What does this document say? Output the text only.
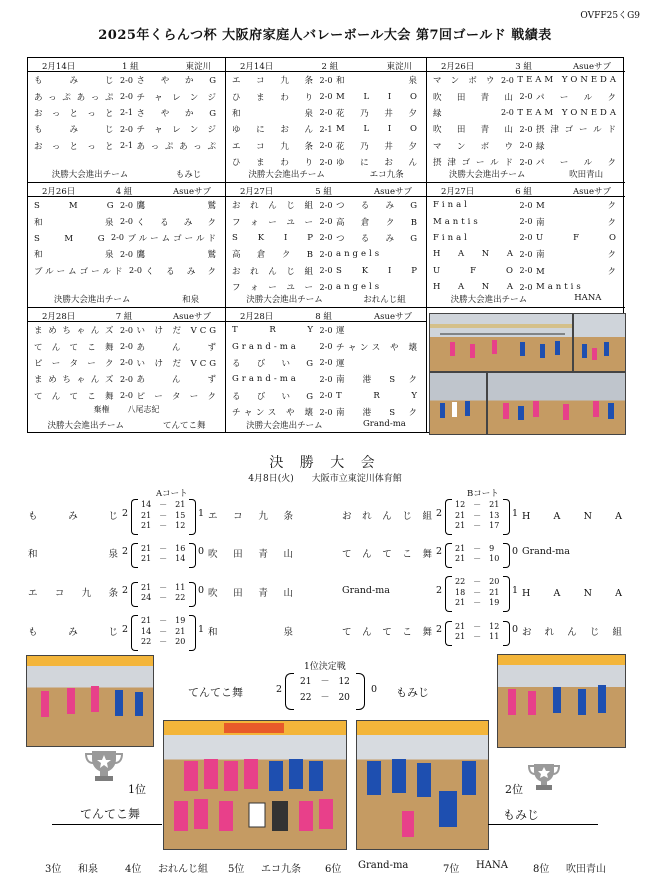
OVFF25くG9
2025年くらんつ杯 大阪府家庭人バレーボール大会 第7回ゴールド 戦績表
2月14日	1 組	東淀川
も　み　じ 2-0 さ や か G
あっぷあっぷ 2-0 チャレンジ
お っ と っ と 2-1 さ や か G
も　み　じ 2-0 チャレンジ
お っ と っ と 2-1 あっぷあっぷ
決勝大会進出チーム	もみじ
2月14日	2 組	東淀川
エ コ 九 条 2-0 和　　泉
ひ ま わ り 2-0 M L I O
和　　泉 2-0 花 乃 井 夕
ゆ に お ん 2-1 M L I O
エ コ 九 条 2-0 花 乃 井 夕
ひ ま わ り 2-0 ゆ に お ん
決勝大会進出チーム	エコ九条
2月26日	3 組	Asueサブ
マ ン ボ ウ 2-0 TEAM YONEDA
吹 田 青 山 2-0 パ ー ル ク
緑	2-0 TEAM YONEDA
吹 田 青 山 2-0 摂津ゴールド
マ ン ボ ウ 2-0 緑
摂津ゴールド 2-0 パ ー ル ク
決勝大会進出チーム	吹田青山
2月26日	4 組	Asueサブ
S　M　G 2-0 鷹　　鷲
和　　泉 2-0 く る み ク
S　M　G 2-0 ブルームゴールド
和　　泉 2-0 鷹　　鷲
ブルームゴールド 2-0 く る み ク
決勝大会進出チーム	和泉
2月27日	5 組	Asueサブ
おれんじ組 2-0 つ る み G
フ ォ ー ユ ー 2-0 高 倉 ク B
S K I P 2-0 つ る み G
高 倉 ク B 2-0 angels
おれんじ組 2-0 S K I P
フ ォ ー ユ ー 2-0 angels
決勝大会進出チーム	おれんじ組
2月27日	6 組	Asueサブ
Final	2-0 M　　ク
Mantis	2-0 南　　ク
Final	2-0 U F O
H A N A 2-0 南　　ク
U F O 2-0 M　　ク
H A N A 2-0 Mantis
決勝大会進出チーム	HANA
2月28日	7 組	Asueサブ
まめちゃんズ 2-0 いけだVCG
てんてこ舞 2-0 あ　　ん　　ず
ピ ー タ ー ク 2-0 いけだVCG
まめちゃんズ 2-0 あ　　ん　　ず
てんてこ舞 2-0 ピ ー タ ー ク
棄権 八尾志紀
決勝大会進出チーム	てんてこ舞
2月28日	8 組	Asueサブ
T R Y 2-0 運
Grand-ma	2-0 チャンス や 壊
る び い G 2-0 運
Grand-ma	2-0 南 港 S ク
る び い G 2-0 T R Y
チャンス や 壊 2-0 南 港 S ク
決勝大会進出チーム	Grand-ma
決 勝 大 会
4月8日(火)　　大阪市立東淀川体育館
Aコート	Bコート
も　　み　　じ 2
14　－　21
21　－　15
21　－　12
1 エ　コ　九　条
和　　　　泉 2 21　－　16
21　－　14
0 吹　田　青　山
エ　コ　九　条 2 21　－　11
24　－　22
0 吹　田　青　山
も　　み　　じ 2
21　－　19
14　－　21
22　－　20
1 和　　　　泉
お れ ん じ 組 2
12　－　21
21　－　13
21　－　17
1 H　A　N　A
て ん て こ 舞 2 21　－　9
21　－　10
0 Grand-ma
Grand-ma	2
22　－　20
18　－　21
21　－　19
1 H　A　N　A
て ん て こ 舞 2 21　－　12
21　－　11
0 お れ ん じ 組
1位決定戦
てんてこ舞	2
21　－　12
22　－　20
0 もみじ
1位
てんてこ舞
2位
もみじ
3位 和泉	4位 おれんじ組 5位 エコ九条 6位 Grand-ma	7位 HANA	8位 吹田青山
